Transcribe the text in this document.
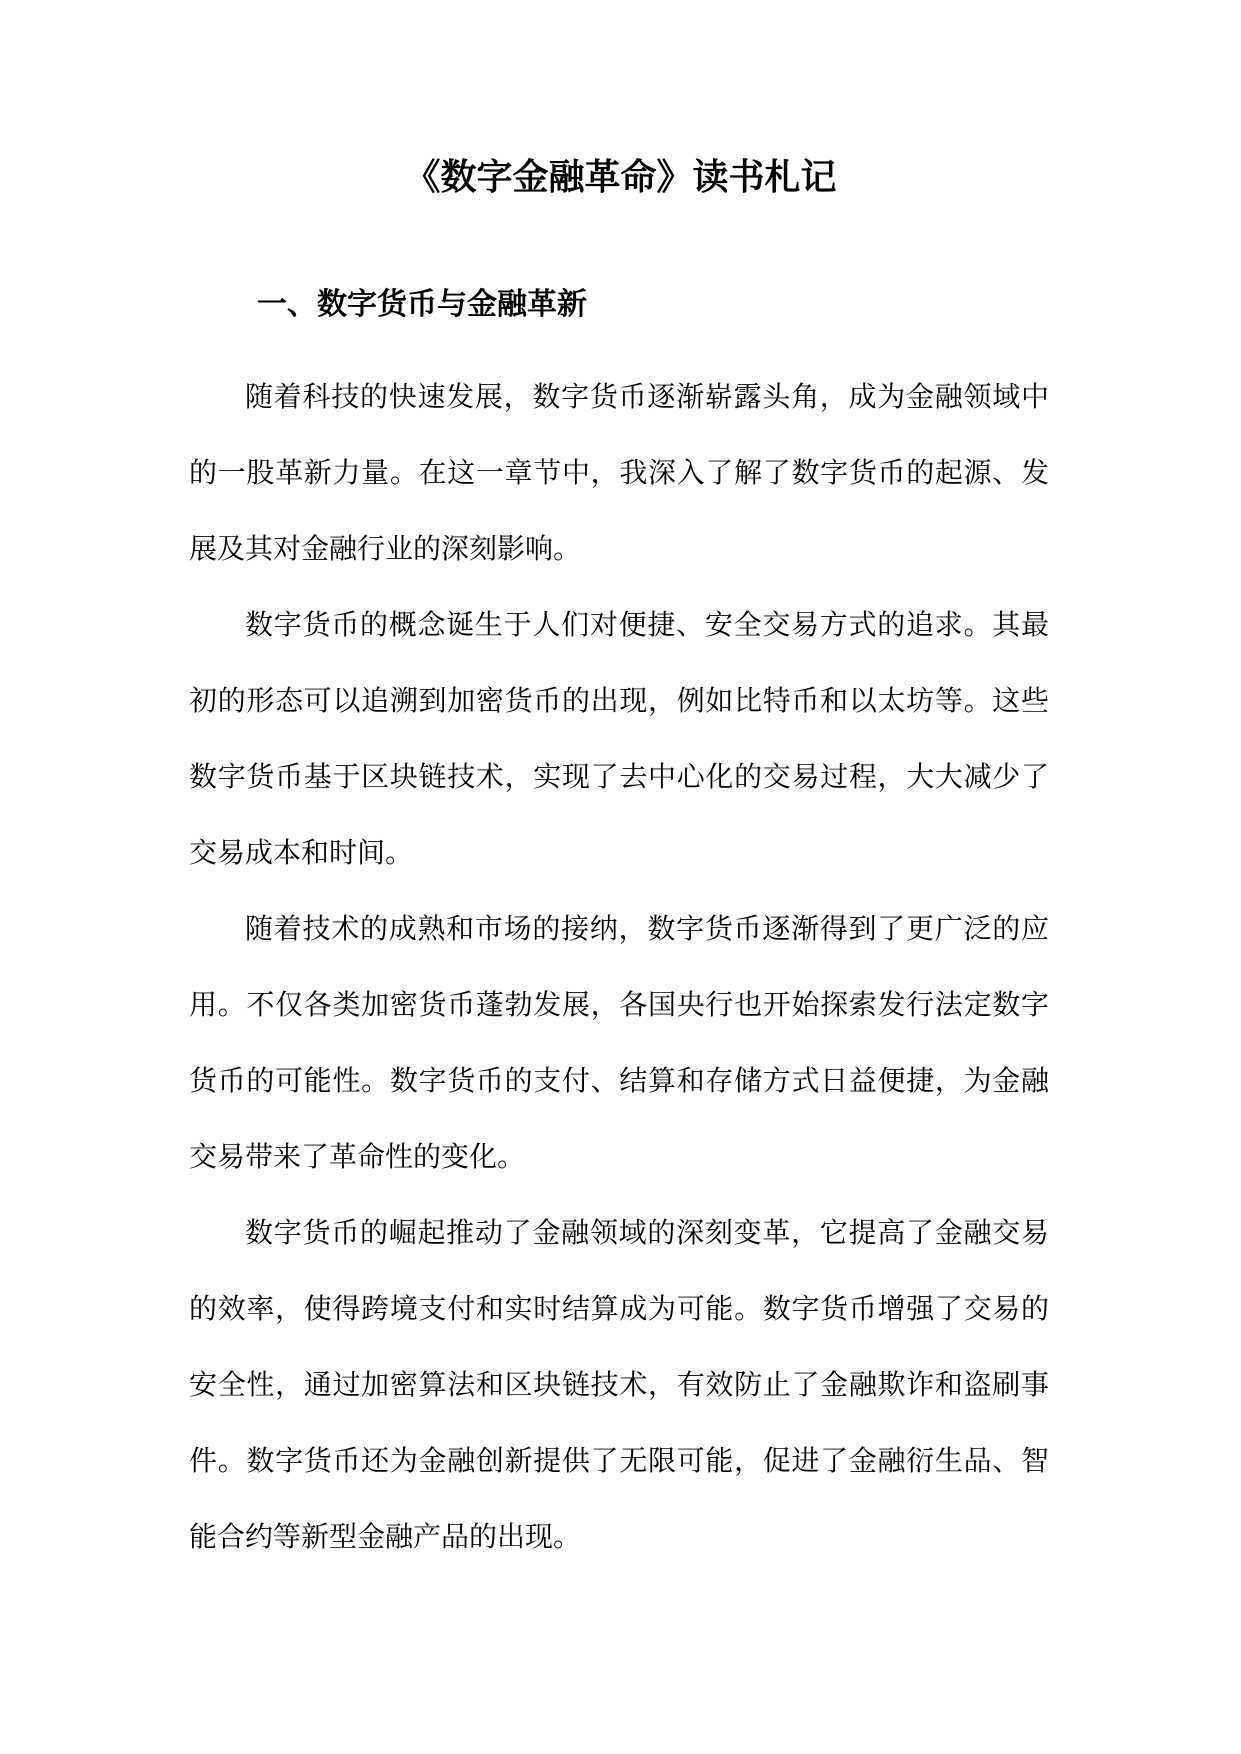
《数字金融革命》读书札记
一、数字货币与金融革新

随着科技的快速发展，数字货币逐渐崭露头角，成为金融领域中的一股革新力量。在这一章节中，我深入了解了数字货币的起源、发展及其对金融行业的深刻影响。

数字货币的概念诞生于人们对便捷、安全交易方式的追求。其最初的形态可以追溯到加密货币的出现，例如比特币和以太坊等。这些数字货币基于区块链技术，实现了去中心化的交易过程，大大减少了交易成本和时间。

随着技术的成熟和市场的接纳，数字货币逐渐得到了更广泛的应用。不仅各类加密货币蓬勃发展，各国央行也开始探索发行法定数字货币的可能性。数字货币的支付、结算和存储方式日益便捷，为金融交易带来了革命性的变化。

数字货币的崛起推动了金融领域的深刻变革，它提高了金融交易的效率，使得跨境支付和实时结算成为可能。数字货币增强了交易的安全性，通过加密算法和区块链技术，有效防止了金融欺诈和盗刷事件。数字货币还为金融创新提供了无限可能，促进了金融衍生品、智能合约等新型金融产品的出现。
